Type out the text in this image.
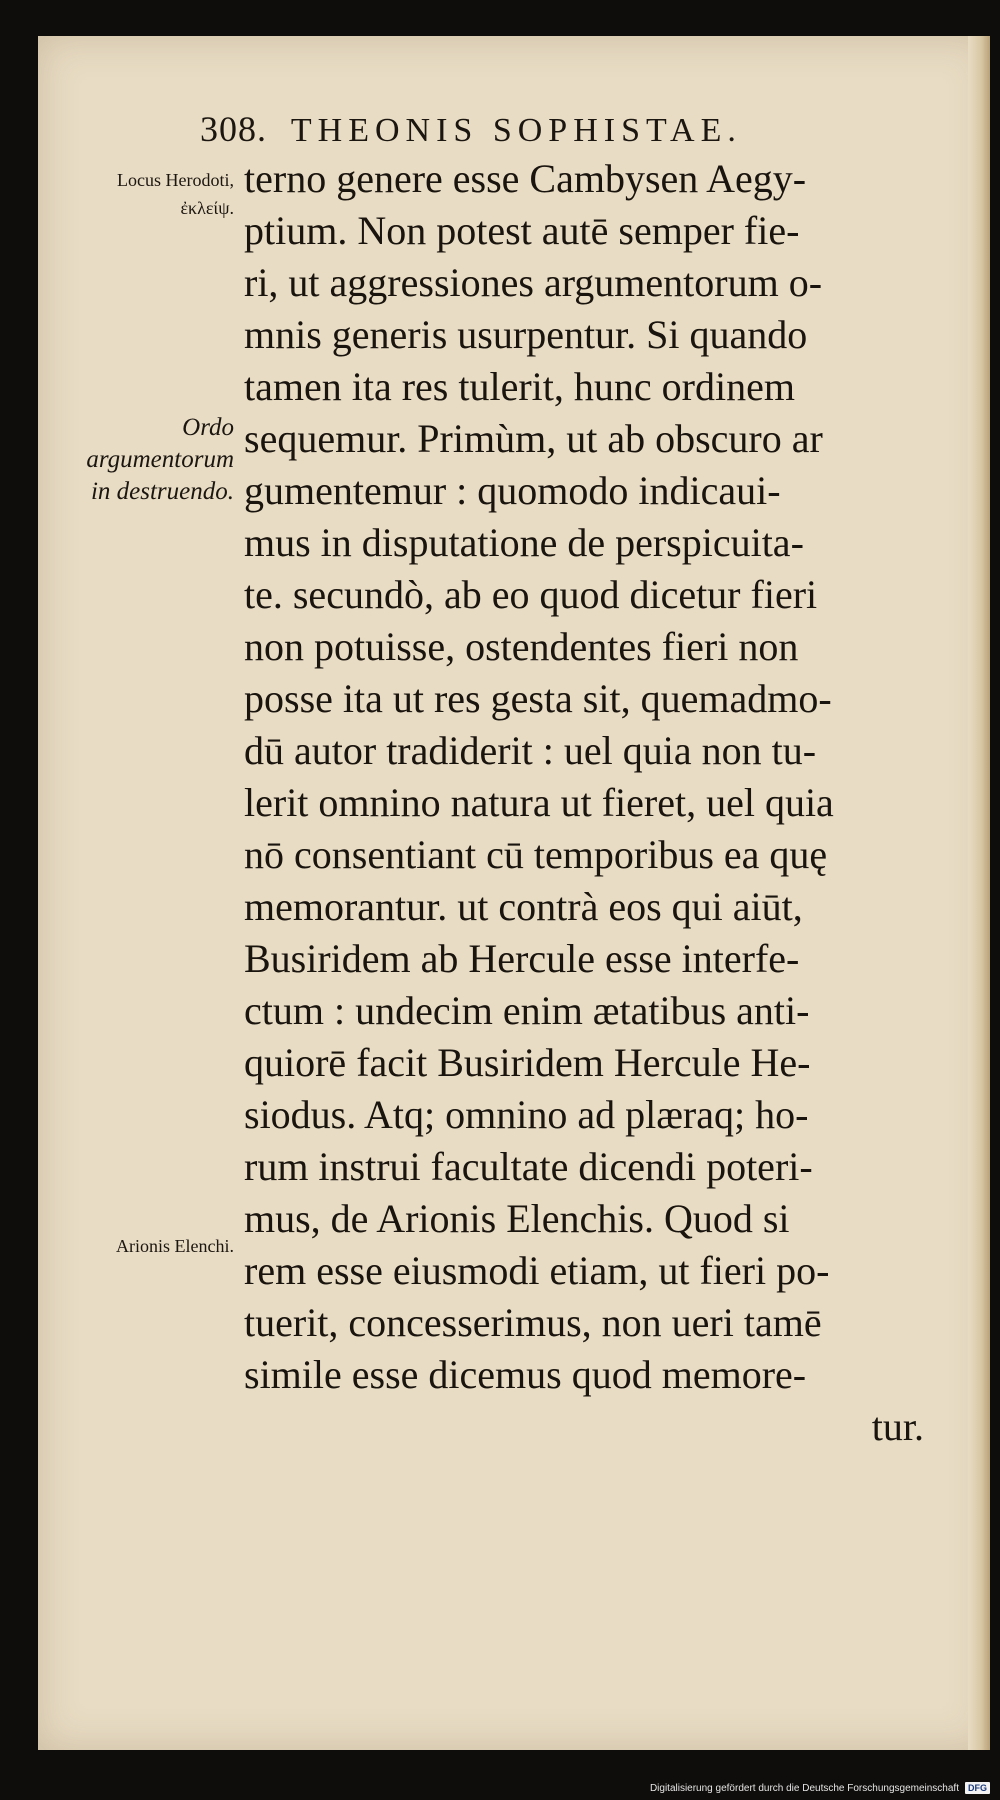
308. THEONIS SOPHISTAE.
Locus Herodoti, ἐκλείψ.
Ordo argumentorum in destruendo.
Arionis Elenchi.
terno genere esse Cambysen Aegy-
ptium. Non potest autē semper fie-
ri, ut aggressiones argumentorum o-
mnis generis usurpentur. Si quando
tamen ita res tulerit, hunc ordinem
sequemur. Primùm, ut ab obscuro ar
gumentemur : quomodo indicaui-
mus in disputatione de perspicuita-
te. secundò, ab eo quod dicetur fieri
non potuisse, ostendentes fieri non
posse ita ut res gesta sit, quemadmo-
dū autor tradiderit : uel quia non tu-
lerit omnino natura ut fieret, uel quia
nō consentiant cū temporibus ea quę
memorantur. ut contrà eos qui aiūt,
Busiridem ab Hercule esse interfe-
ctum : undecim enim ætatibus anti-
quiorē facit Busiridem Hercule He-
siodus. Atq; omnino ad plæraq; ho-
rum instrui facultate dicendi poteri-
mus, de Arionis Elenchis. Quod si
rem esse eiusmodi etiam, ut fieri po-
tuerit, concesserimus, non ueri tamē
simile esse dicemus quod memore-
tur.
Digitalisierung gefördert durch die Deutsche Forschungsgemeinschaft	DFG
